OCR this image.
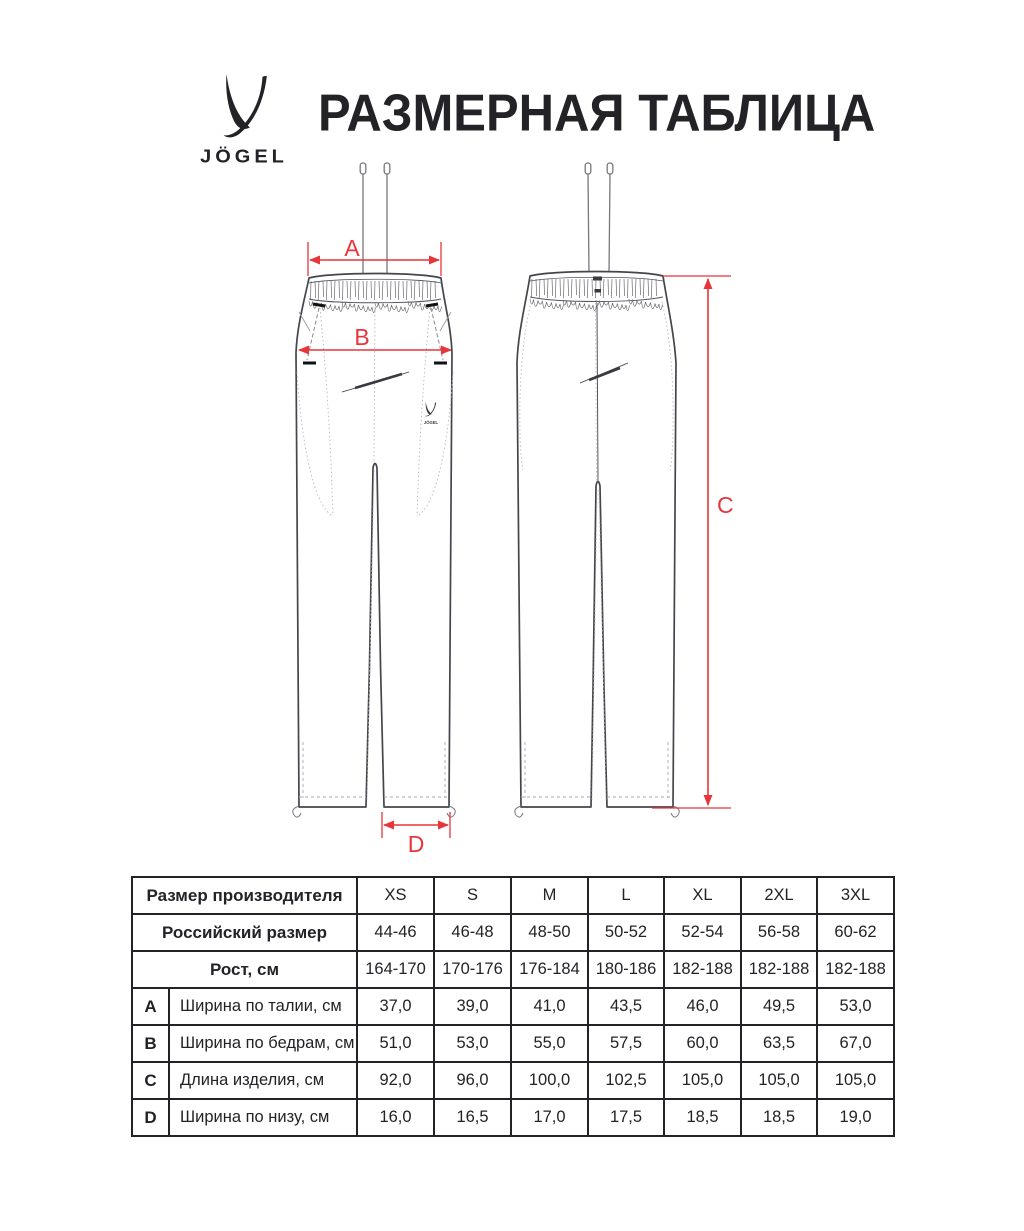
JÖGEL
РАЗМЕРНАЯ ТАБЛИЦА
JÖGEL
A
B
C
D
Размер производителя		XS	S	M	L	XL	2XL	3XL
Российский размер		44-46	46-48	48-50	50-52	52-54	56-58	60-62
Рост, см		164-170	170-176	176-184	180-186	182-188	182-188	182-188
A	Ширина по талии, см	37,0	39,0	41,0	43,5	46,0	49,5	53,0
B	Ширина по бедрам, см	51,0	53,0	55,0	57,5	60,0	63,5	67,0
C	Длина изделия, см	92,0	96,0	100,0	102,5	105,0	105,0	105,0
D	Ширина по низу, см	16,0	16,5	17,0	17,5	18,5	18,5	19,0
